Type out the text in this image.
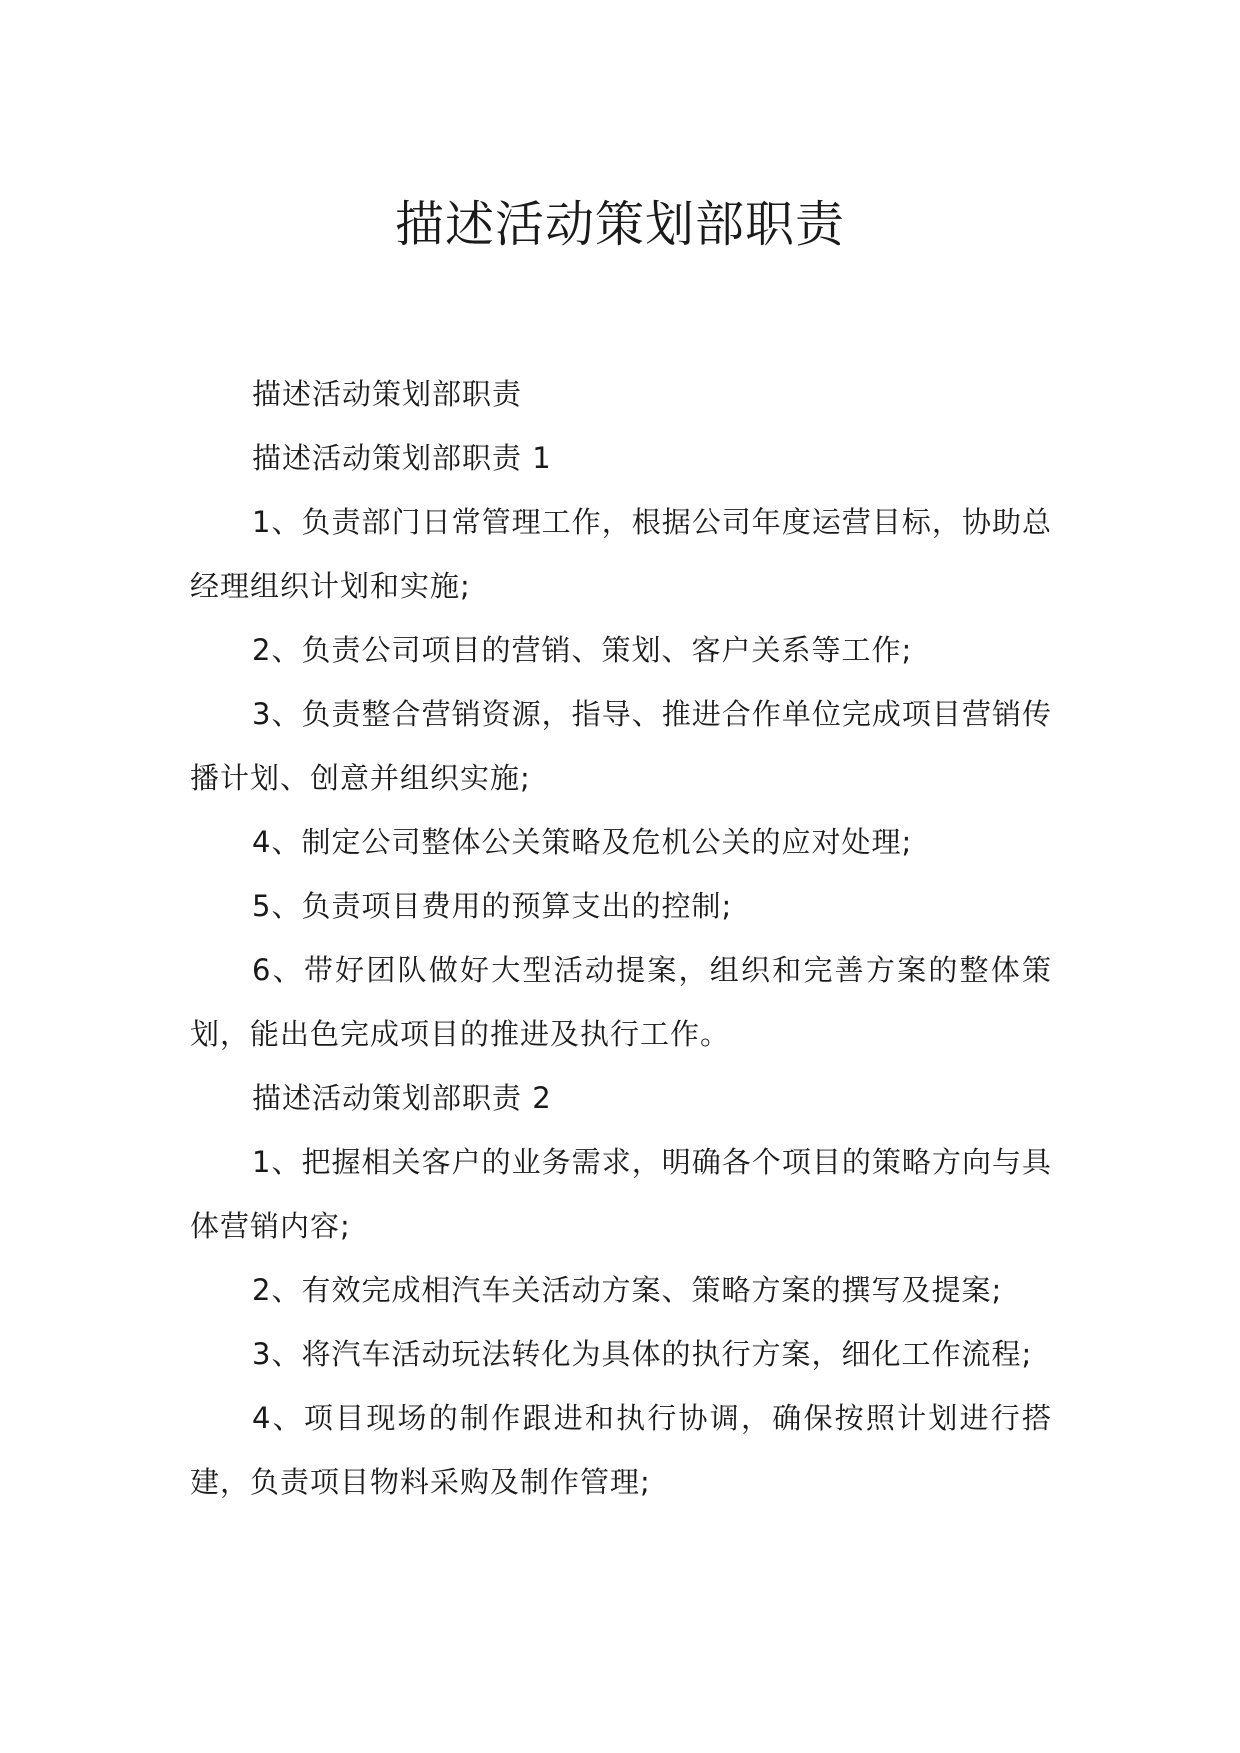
描述活动策划部职责

描述活动策划部职责

描述活动策划部职责 1

1、负责部门日常管理工作，根据公司年度运营目标，协助总经理组织计划和实施;

2、负责公司项目的营销、策划、客户关系等工作;

3、负责整合营销资源，指导、推进合作单位完成项目营销传播计划、创意并组织实施;

4、制定公司整体公关策略及危机公关的应对处理;

5、负责项目费用的预算支出的控制;

6、带好团队做好大型活动提案，组织和完善方案的整体策划，能出色完成项目的推进及执行工作。

描述活动策划部职责 2

1、把握相关客户的业务需求，明确各个项目的策略方向与具体营销内容;

2、有效完成相汽车关活动方案、策略方案的撰写及提案;

3、将汽车活动玩法转化为具体的执行方案，细化工作流程;

4、项目现场的制作跟进和执行协调，确保按照计划进行搭建，负责项目物料采购及制作管理;
